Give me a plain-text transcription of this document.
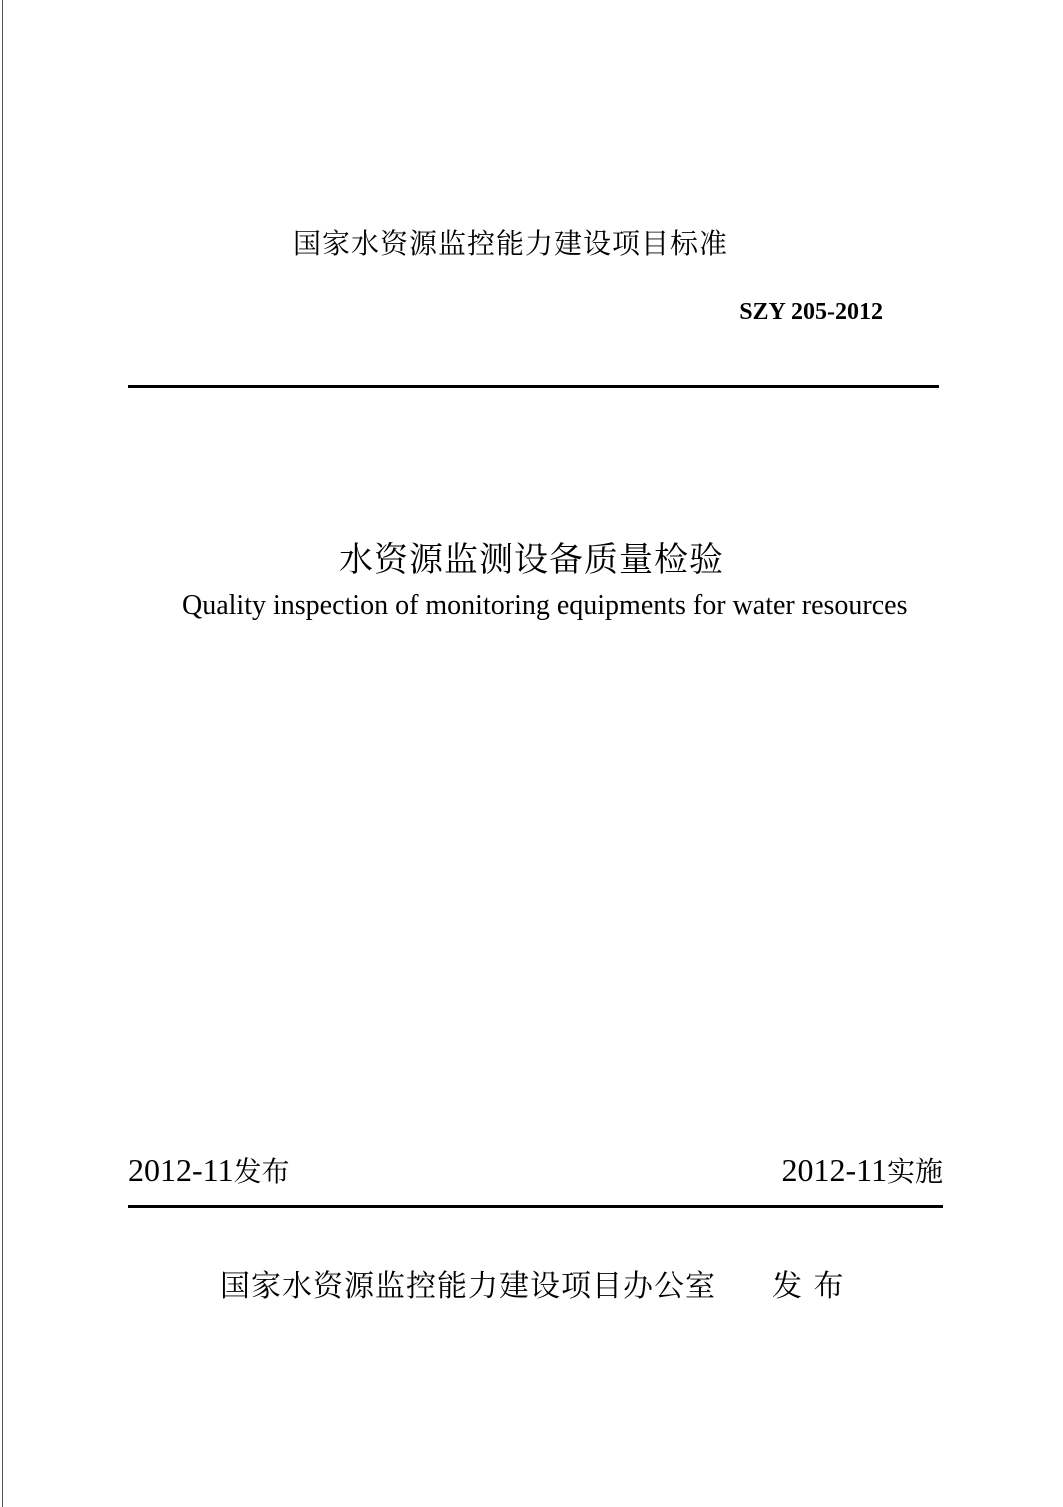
国家水资源监控能力建设项目标准
SZY 205-2012
水资源监测设备质量检验
Quality inspection of monitoring equipments for water resources
2012-11发布	2012-11实施
国家水资源监控能力建设项目办公室 发 布
